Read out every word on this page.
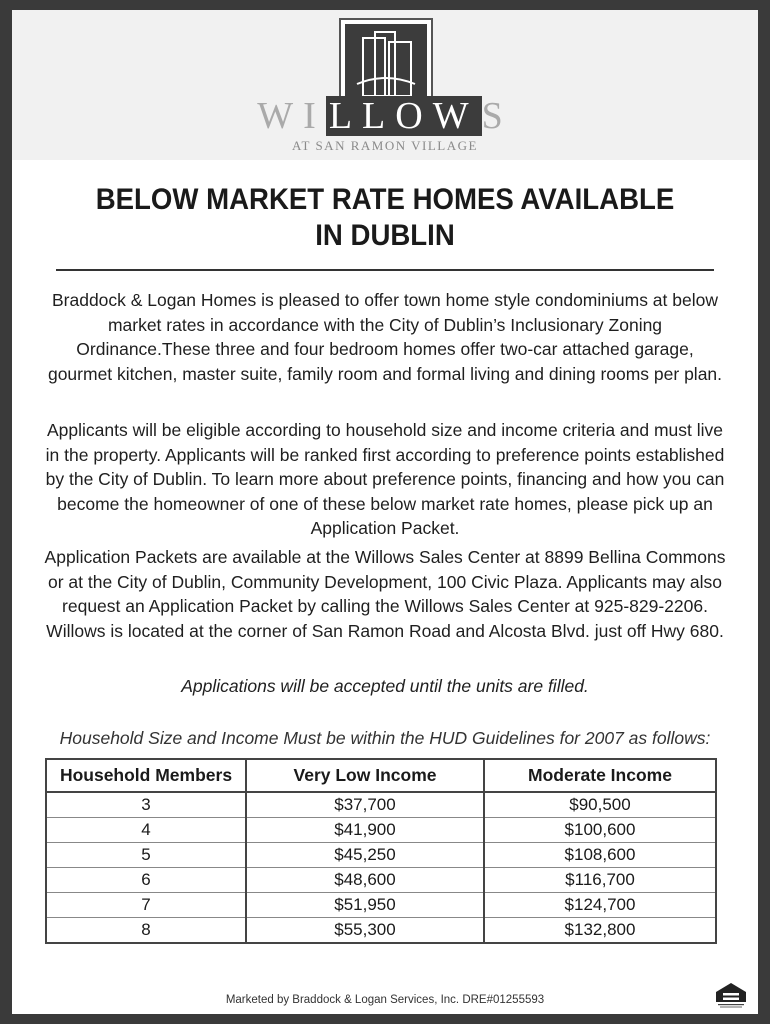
WILLOWS
AT SAN RAMON VILLAGE
BELOW MARKET RATE HOMES AVAILABLE
IN DUBLIN
Braddock & Logan Homes is pleased to offer town home style condominiums at below market rates in accordance with the City of Dublin’s Inclusionary Zoning Ordinance.These three and four bedroom homes offer two-car attached garage, gourmet kitchen, master suite, family room and formal living and dining rooms per plan.
Applicants will be eligible according to household size and income criteria and must live in the property. Applicants will be ranked first according to preference points established by the City of Dublin. To learn more about preference points, financing and how you can become the homeowner of one of these below market rate homes, please pick up an Application Packet.
Application Packets are available at the Willows Sales Center at 8899 Bellina Commons or at the City of Dublin, Community Development, 100 Civic Plaza. Applicants may also request an Application Packet by calling the Willows Sales Center at 925-829-2206. Willows is located at the corner of San Ramon Road and Alcosta Blvd. just off Hwy 680.
Applications will be accepted until the units are filled.
Household Size and Income Must be within the HUD Guidelines for 2007 as follows:
Household Members	Very Low Income	Moderate Income
3	$37,700	$90,500
4	$41,900	$100,600
5	$45,250	$108,600
6	$48,600	$116,700
7	$51,950	$124,700
8	$55,300	$132,800
Marketed by Braddock & Logan Services, Inc. DRE#01255593
